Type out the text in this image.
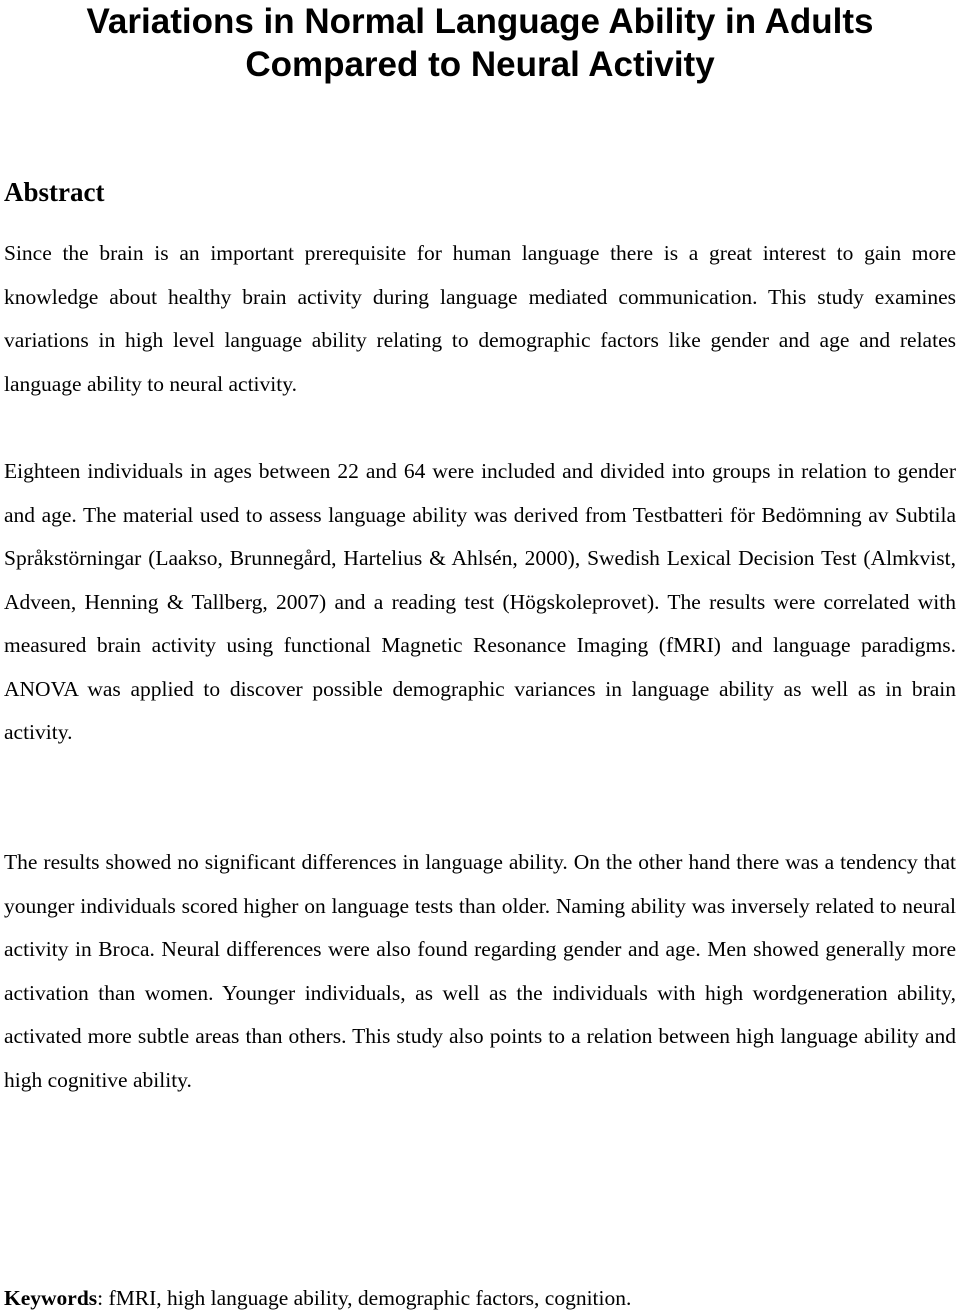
Variations in Normal Language Ability in Adults
Compared to Neural Activity
Abstract

Since the brain is an important prerequisite for human language there is a great interest to gain more knowledge about healthy brain activity during language mediated communication. This study examines variations in high level language ability relating to demographic factors like gender and age and relates language ability to neural activity.

Eighteen individuals in ages between 22 and 64 were included and divided into groups in relation to gender and age. The material used to assess language ability was derived from Testbatteri för Bedömning av Subtila Språkstörningar (Laakso, Brunnegård, Hartelius & Ahlsén, 2000), Swedish Lexical Decision Test (Almkvist, Adveen, Henning & Tallberg, 2007) and a reading test (Högskoleprovet). The results were correlated with measured brain activity using functional Magnetic Resonance Imaging (fMRI) and language paradigms. ANOVA was applied to discover possible demographic variances in language ability as well as in brain activity.

The results showed no significant differences in language ability. On the other hand there was a tendency that younger individuals scored higher on language tests than older. Naming ability was inversely related to neural activity in Broca. Neural differences were also found regarding gender and age. Men showed generally more activation than women. Younger individuals, as well as the individuals with high wordgeneration ability, activated more subtle areas than others. This study also points to a relation between high language ability and high cognitive ability.

Keywords: fMRI, high language ability, demographic factors, cognition.
